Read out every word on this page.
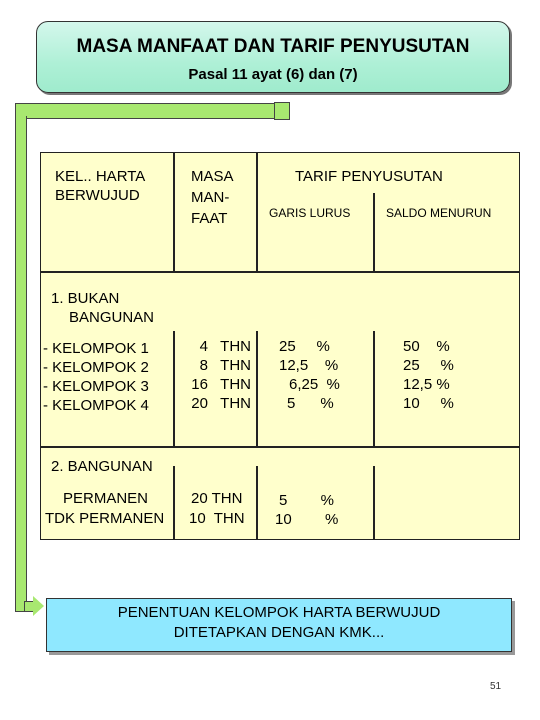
MASA MANFAAT DAN TARIF PENYUSUTAN
Pasal 11 ayat (6) dan (7)
KEL.. HARTA
BERWUJUD
MASA
MAN-
FAAT
TARIF PENYUSUTAN
GARIS LURUS	SALDO MENURUN
1. BUKAN
BANGUNAN
- KELOMPOK 1
- KELOMPOK 2
- KELOMPOK 3
- KELOMPOK 4
4   THN
8   THN
16   THN
20   THN
25     %
12,5    %
6,25  %
5      %
50    %
25     %
12,5 %
10     %
2. BANGUNAN
PERMANEN
TDK PERMANEN
20 THN
10  THN
5        %
10        %
PENENTUAN KELOMPOK HARTA BERWUJUD
DITETAPKAN DENGAN KMK...
51
